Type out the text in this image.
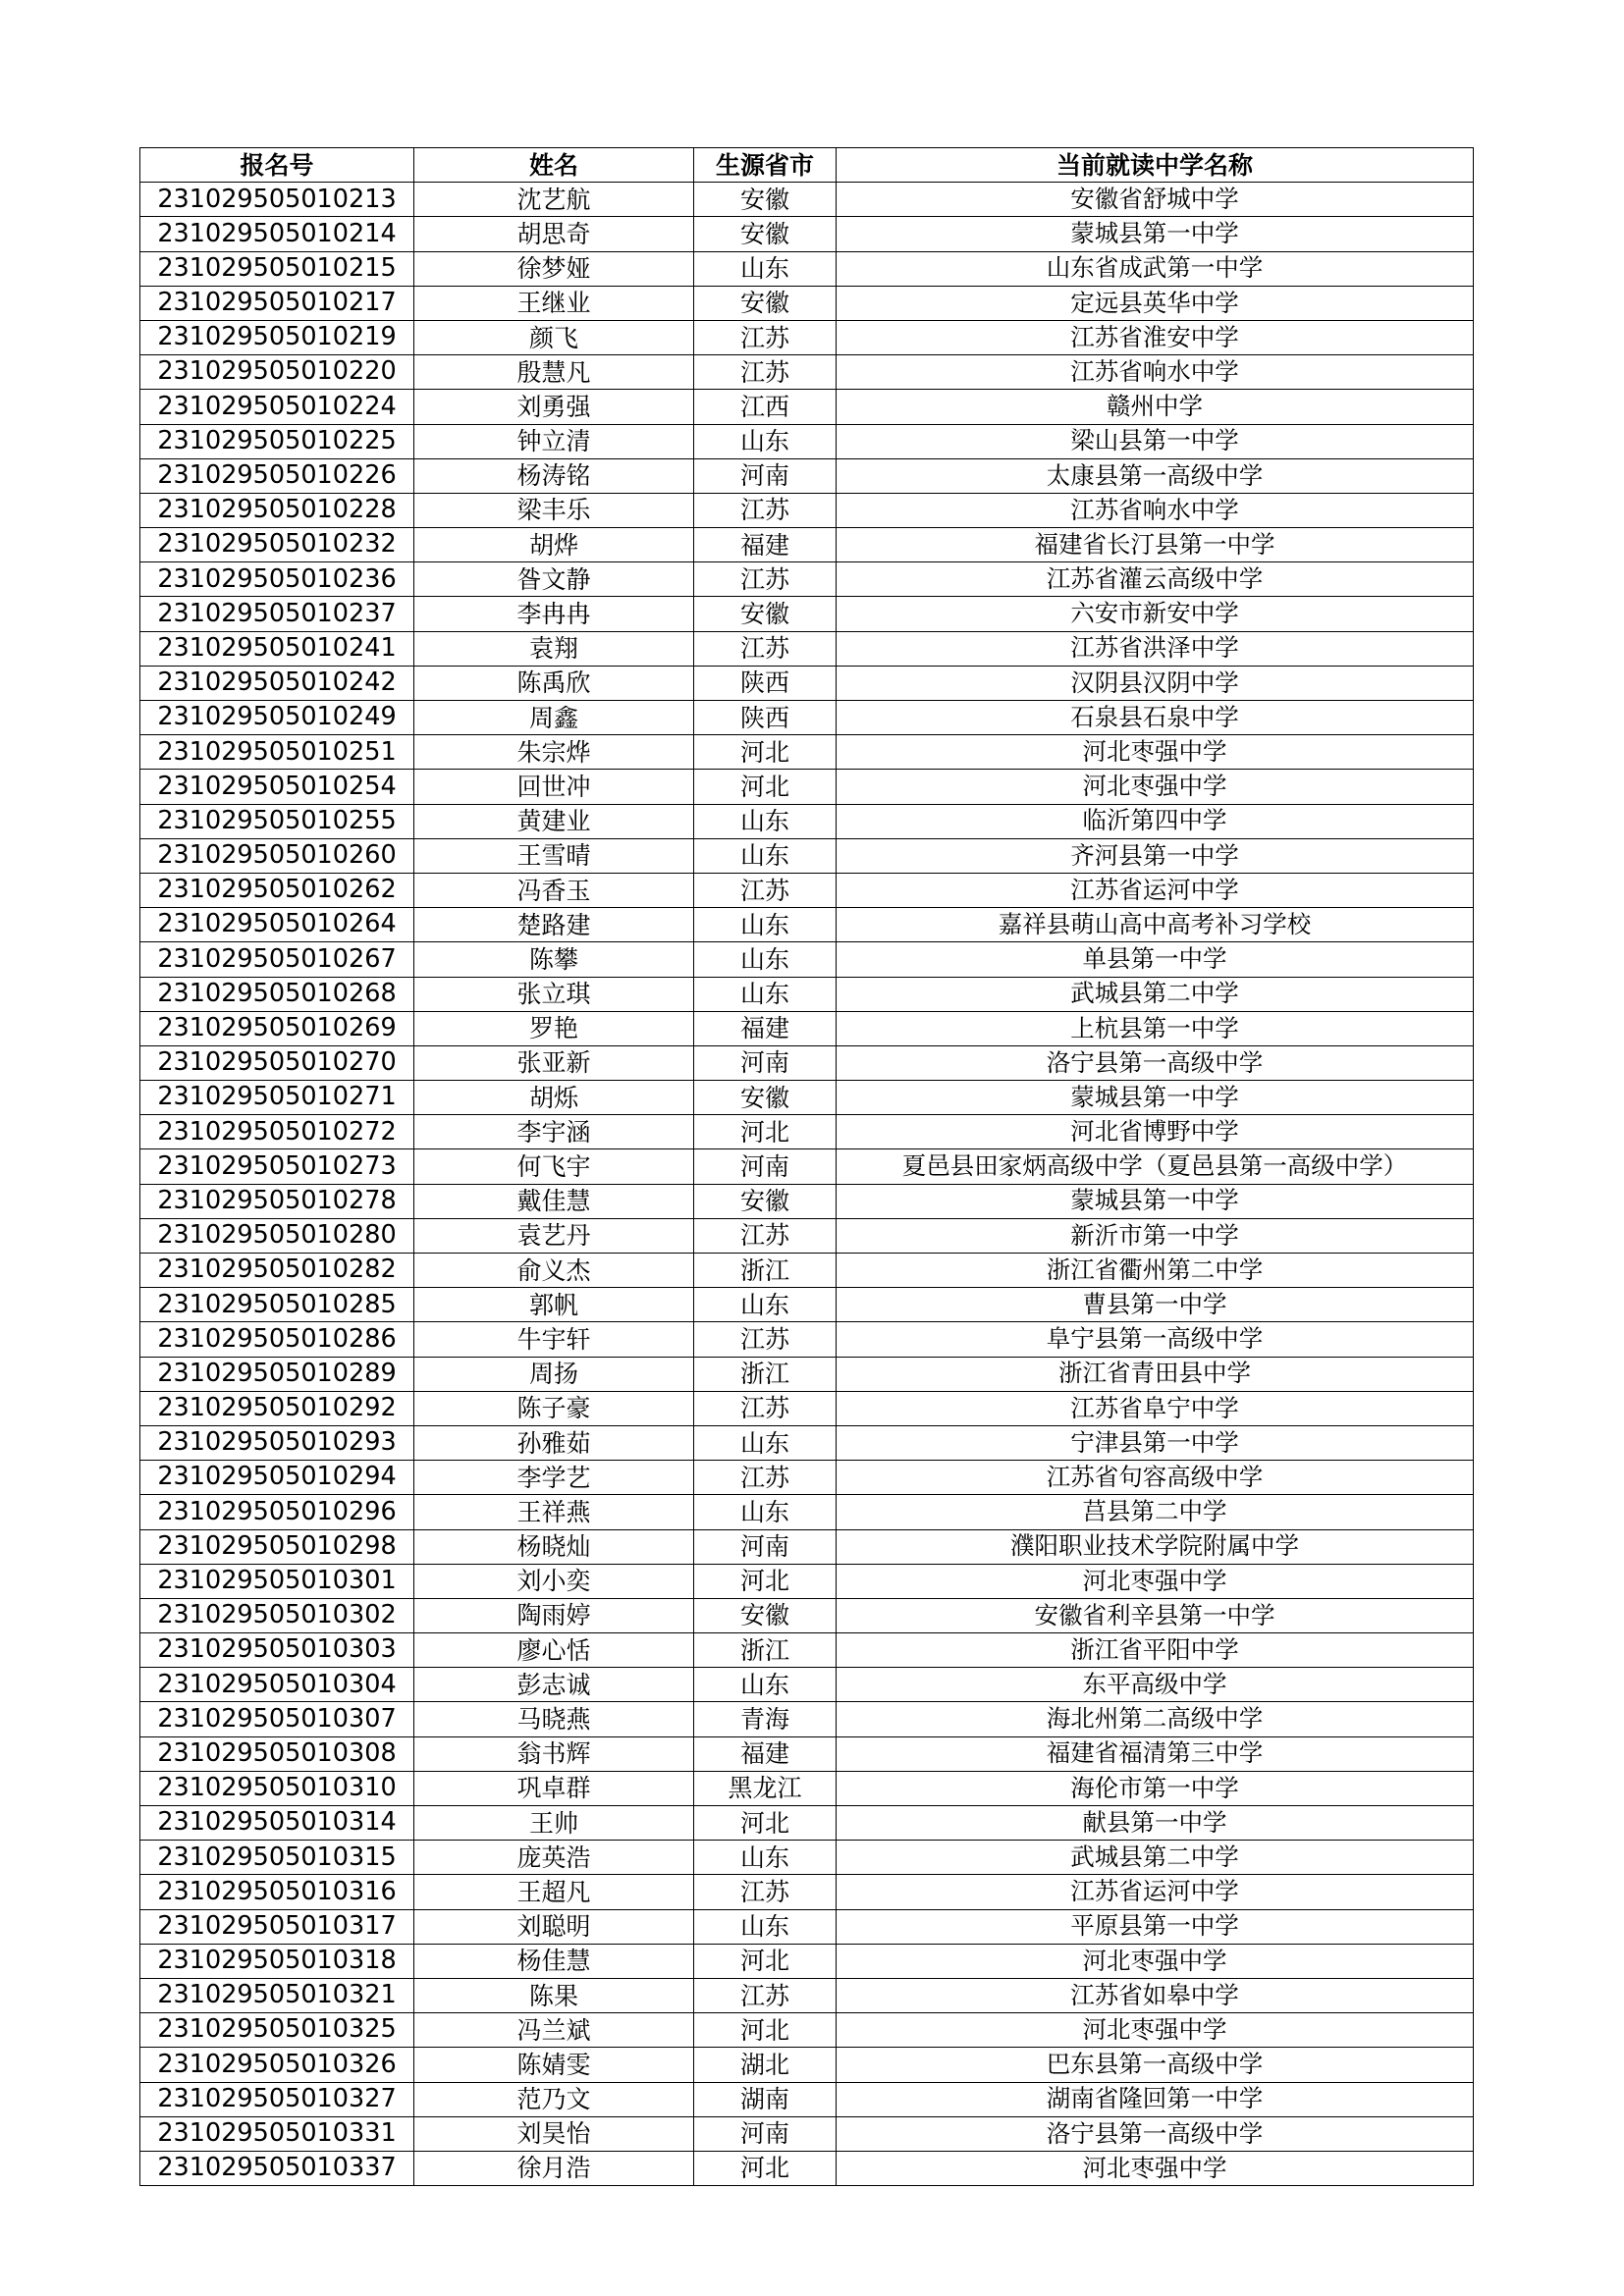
报名号	姓名	生源省市	当前就读中学名称
231029505010213	沈艺航	安徽	安徽省舒城中学
231029505010214	胡思奇	安徽	蒙城县第一中学
231029505010215	徐梦娅	山东	山东省成武第一中学
231029505010217	王继业	安徽	定远县英华中学
231029505010219	颜飞	江苏	江苏省淮安中学
231029505010220	殷慧凡	江苏	江苏省响水中学
231029505010224	刘勇强	江西	赣州中学
231029505010225	钟立清	山东	梁山县第一中学
231029505010226	杨涛铭	河南	太康县第一高级中学
231029505010228	梁丰乐	江苏	江苏省响水中学
231029505010232	胡烨	福建	福建省长汀县第一中学
231029505010236	昝文静	江苏	江苏省灌云高级中学
231029505010237	李冉冉	安徽	六安市新安中学
231029505010241	袁翔	江苏	江苏省洪泽中学
231029505010242	陈禹欣	陕西	汉阴县汉阴中学
231029505010249	周鑫	陕西	石泉县石泉中学
231029505010251	朱宗烨	河北	河北枣强中学
231029505010254	回世冲	河北	河北枣强中学
231029505010255	黄建业	山东	临沂第四中学
231029505010260	王雪晴	山东	齐河县第一中学
231029505010262	冯香玉	江苏	江苏省运河中学
231029505010264	楚路建	山东	嘉祥县萌山高中高考补习学校
231029505010267	陈攀	山东	单县第一中学
231029505010268	张立琪	山东	武城县第二中学
231029505010269	罗艳	福建	上杭县第一中学
231029505010270	张亚新	河南	洛宁县第一高级中学
231029505010271	胡烁	安徽	蒙城县第一中学
231029505010272	李宇涵	河北	河北省博野中学
231029505010273	何飞宇	河南	夏邑县田家炳高级中学（夏邑县第一高级中学）
231029505010278	戴佳慧	安徽	蒙城县第一中学
231029505010280	袁艺丹	江苏	新沂市第一中学
231029505010282	俞义杰	浙江	浙江省衢州第二中学
231029505010285	郭帆	山东	曹县第一中学
231029505010286	牛宇轩	江苏	阜宁县第一高级中学
231029505010289	周扬	浙江	浙江省青田县中学
231029505010292	陈子豪	江苏	江苏省阜宁中学
231029505010293	孙雅茹	山东	宁津县第一中学
231029505010294	李学艺	江苏	江苏省句容高级中学
231029505010296	王祥燕	山东	莒县第二中学
231029505010298	杨晓灿	河南	濮阳职业技术学院附属中学
231029505010301	刘小奕	河北	河北枣强中学
231029505010302	陶雨婷	安徽	安徽省利辛县第一中学
231029505010303	廖心恬	浙江	浙江省平阳中学
231029505010304	彭志诚	山东	东平高级中学
231029505010307	马晓燕	青海	海北州第二高级中学
231029505010308	翁书辉	福建	福建省福清第三中学
231029505010310	巩卓群	黑龙江	海伦市第一中学
231029505010314	王帅	河北	献县第一中学
231029505010315	庞英浩	山东	武城县第二中学
231029505010316	王超凡	江苏	江苏省运河中学
231029505010317	刘聪明	山东	平原县第一中学
231029505010318	杨佳慧	河北	河北枣强中学
231029505010321	陈果	江苏	江苏省如皋中学
231029505010325	冯兰斌	河北	河北枣强中学
231029505010326	陈婧雯	湖北	巴东县第一高级中学
231029505010327	范乃文	湖南	湖南省隆回第一中学
231029505010331	刘昊怡	河南	洛宁县第一高级中学
231029505010337	徐月浩	河北	河北枣强中学
